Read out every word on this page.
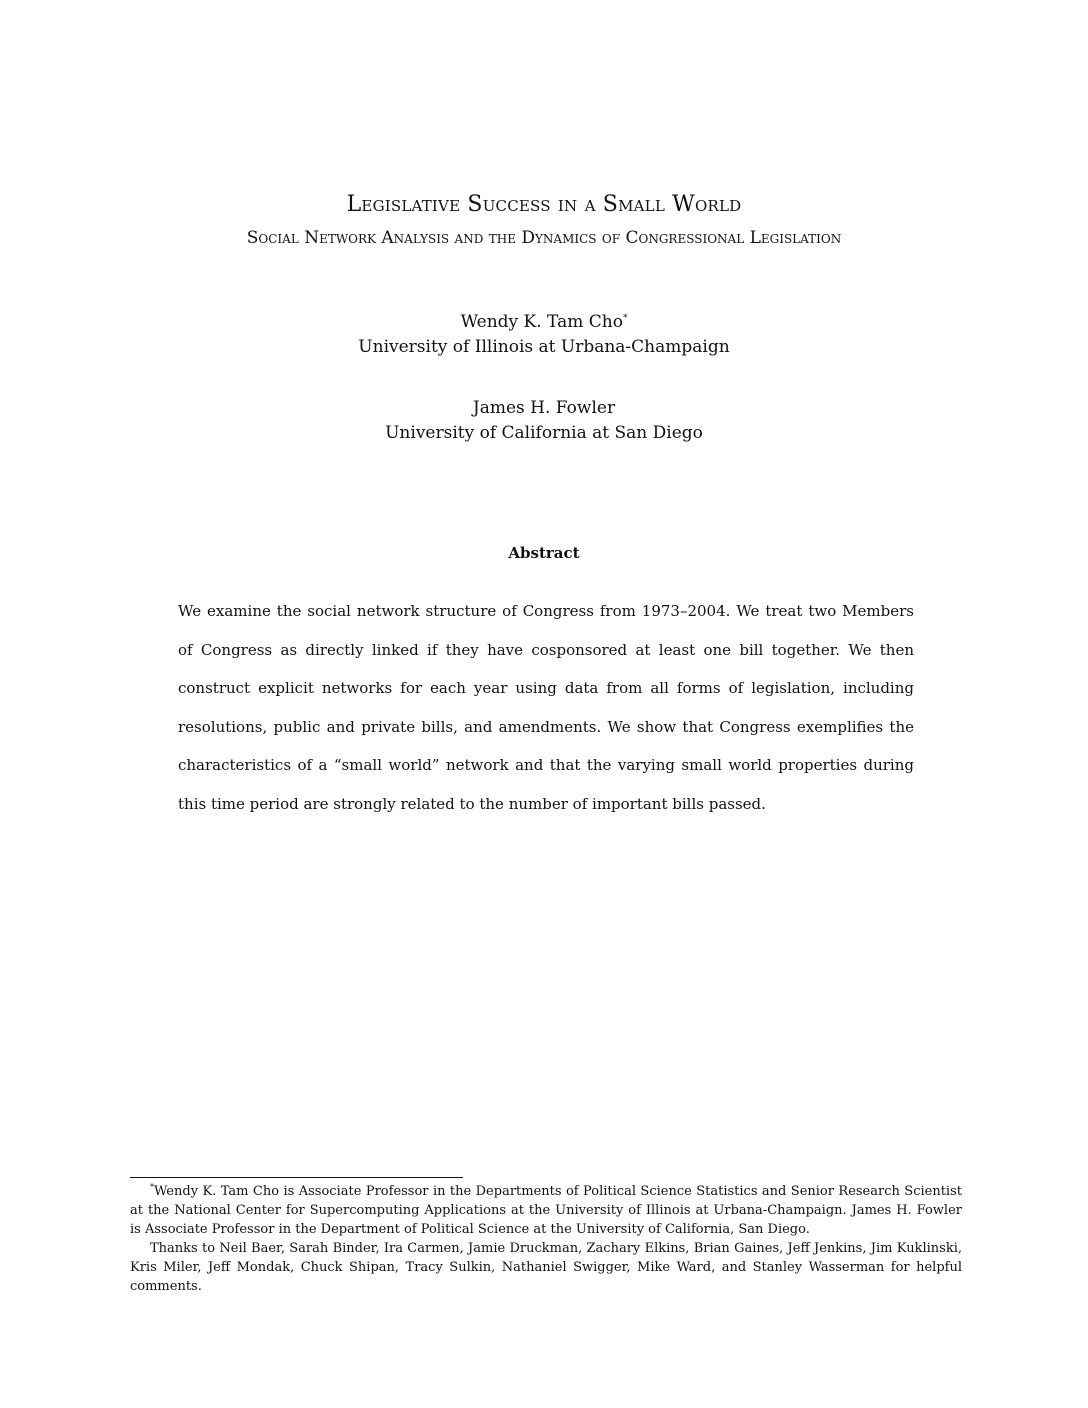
Legislative Success in a Small World
Social Network Analysis and the Dynamics of Congressional Legislation
Wendy K. Tam Cho*
University of Illinois at Urbana-Champaign
James H. Fowler
University of California at San Diego
Abstract

We examine the social network structure of Congress from 1973–2004. We treat two Members of Congress as directly linked if they have cosponsored at least one bill together. We then construct explicit networks for each year using data from all forms of legislation, including resolutions, public and private bills, and amendments. We show that Congress exemplifies the characteristics of a “small world” network and that the varying small world properties during this time period are strongly related to the number of important bills passed.

*Wendy K. Tam Cho is Associate Professor in the Departments of Political Science Statistics and Senior Research Scientist at the National Center for Supercomputing Applications at the University of Illinois at Urbana-Champaign. James H. Fowler is Associate Professor in the Department of Political Science at the University of California, San Diego.

Thanks to Neil Baer, Sarah Binder, Ira Carmen, Jamie Druckman, Zachary Elkins, Brian Gaines, Jeff Jenkins, Jim Kuklinski, Kris Miler, Jeff Mondak, Chuck Shipan, Tracy Sulkin, Nathaniel Swigger, Mike Ward, and Stanley Wasserman for helpful comments.
